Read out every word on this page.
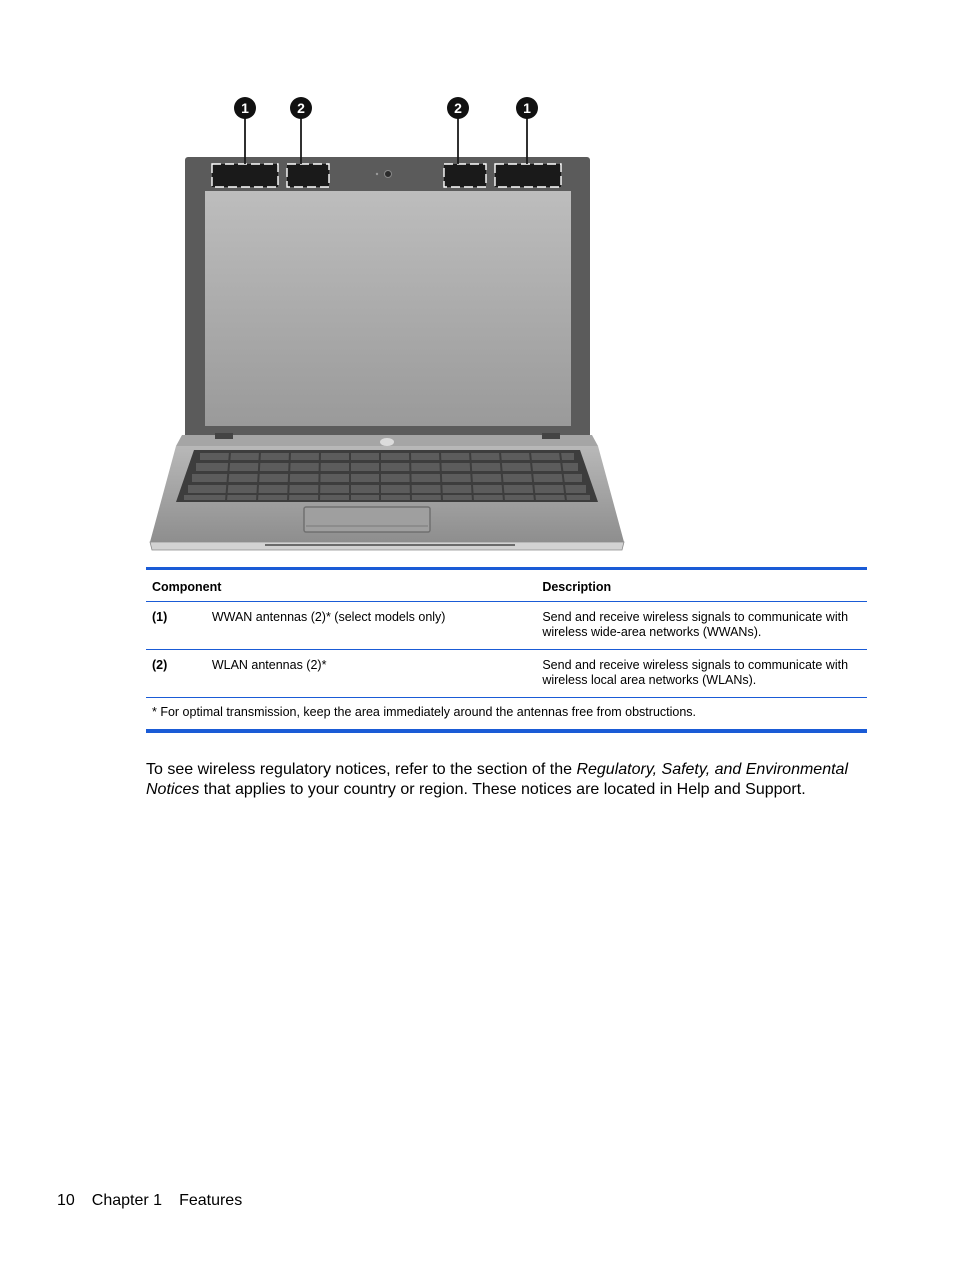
1	2	2	1
Component		Description
(1)	WWAN antennas (2)* (select models only)	Send and receive wireless signals to communicate with wireless wide-area networks (WWANs).
(2)	WLAN antennas (2)*	Send and receive wireless signals to communicate with wireless local area networks (WLANs).
* For optimal transmission, keep the area immediately around the antennas free from obstructions.		

To see wireless regulatory notices, refer to the section of the Regulatory, Safety, and Environmental Notices that applies to your country or region. These notices are located in Help and Support.

10 Chapter 1 Features
